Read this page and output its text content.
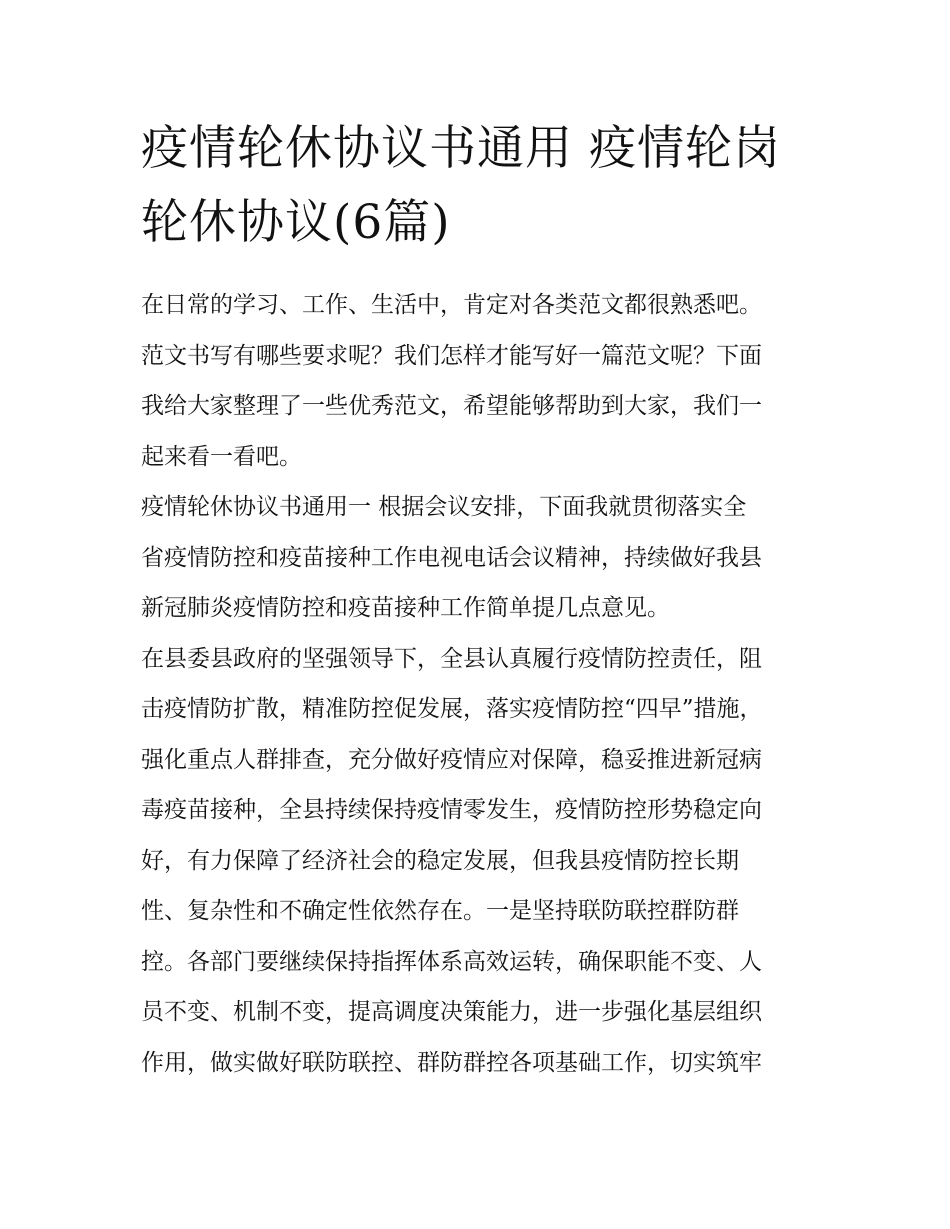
疫情轮休协议书通用 疫情轮岗
轮休协议(6篇)
在日常的学习、工作、生活中，肯定对各类范文都很熟悉吧。
范文书写有哪些要求呢？我们怎样才能写好一篇范文呢？下面
我给大家整理了一些优秀范文，希望能够帮助到大家，我们一
起来看一看吧。
疫情轮休协议书通用一 根据会议安排，下面我就贯彻落实全
省疫情防控和疫苗接种工作电视电话会议精神，持续做好我县
新冠肺炎疫情防控和疫苗接种工作简单提几点意见。
在县委县政府的坚强领导下，全县认真履行疫情防控责任，阻
击疫情防扩散，精准防控促发展，落实疫情防控“四早”措施，
强化重点人群排查，充分做好疫情应对保障，稳妥推进新冠病
毒疫苗接种，全县持续保持疫情零发生，疫情防控形势稳定向
好，有力保障了经济社会的稳定发展，但我县疫情防控长期
性、复杂性和不确定性依然存在。一是坚持联防联控群防群
控。各部门要继续保持指挥体系高效运转，确保职能不变、人
员不变、机制不变，提高调度决策能力，进一步强化基层组织
作用，做实做好联防联控、群防群控各项基础工作，切实筑牢
